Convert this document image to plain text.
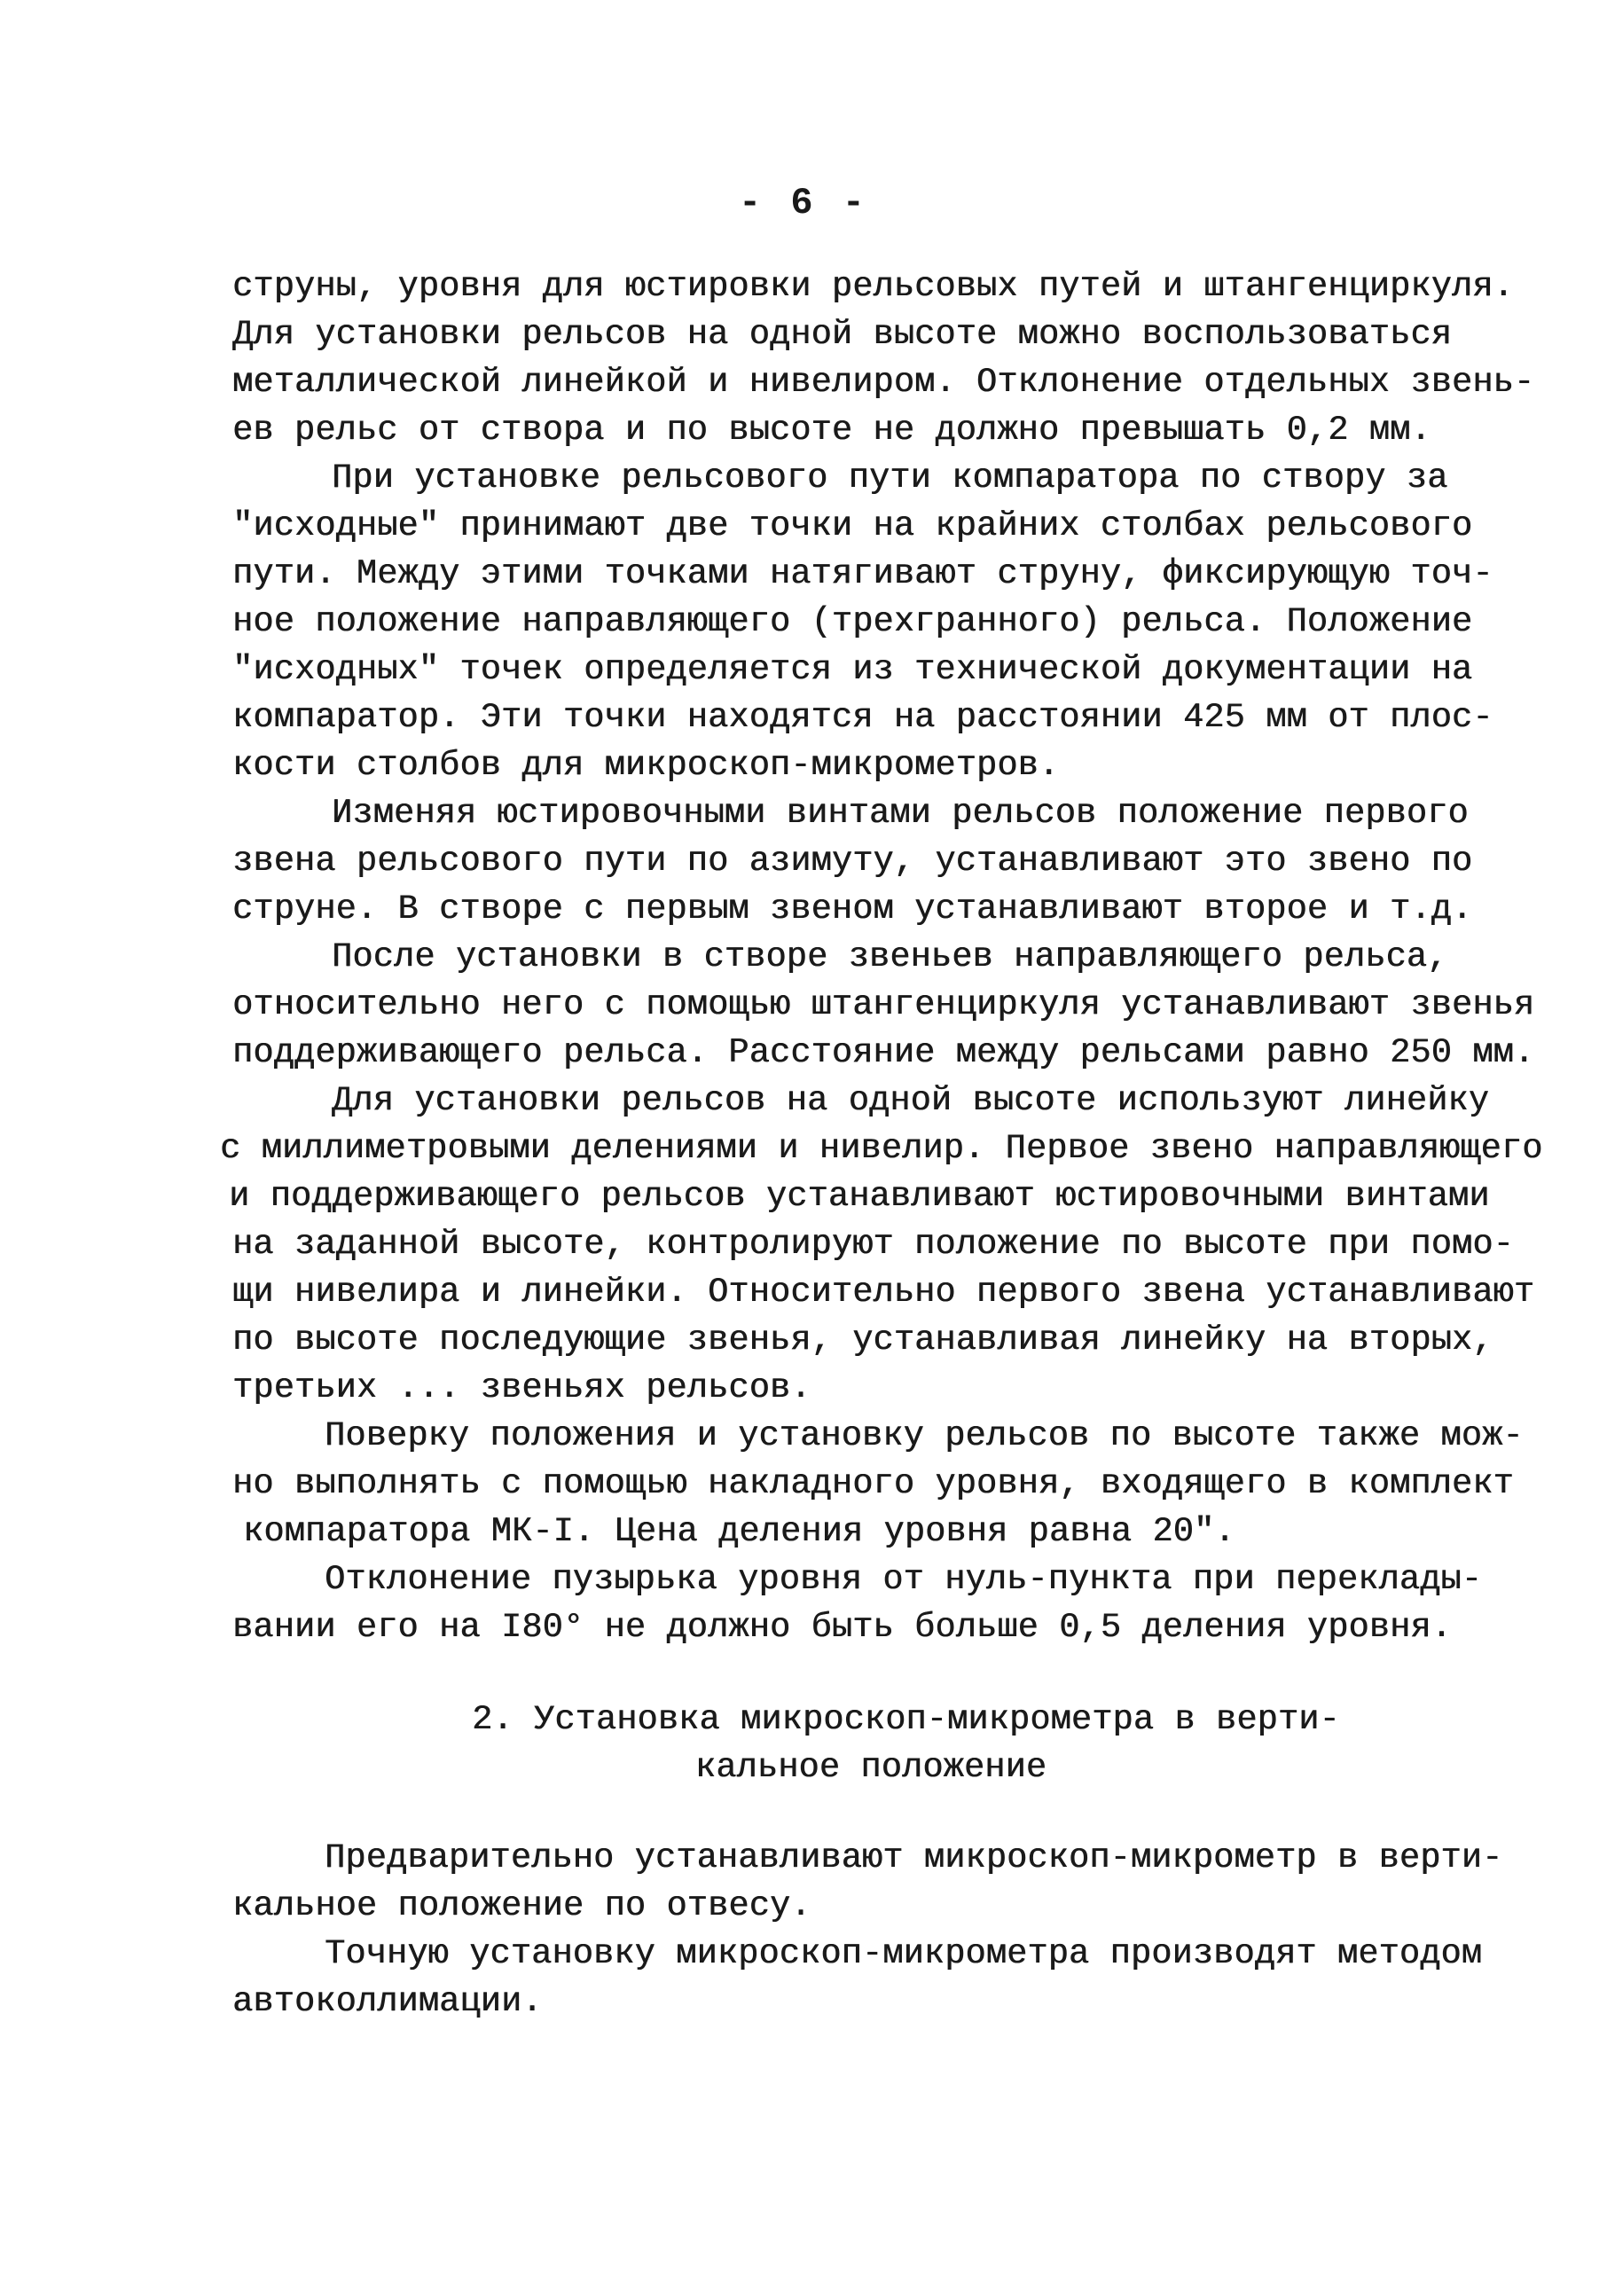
- 6 -

струны, уровня для юстировки рельсовых путей и штангенциркуля.
Для установки рельсов на одной высоте можно воспользоваться
металлической линейкой и нивелиром. Отклонение отдельных звень-
ев рельс от створа и по высоте не должно превышать 0,2 мм.

При установке рельсового пути компаратора по створу за
"исходные" принимают две точки на крайних столбах рельсового
пути. Между этими точками натягивают струну, фиксирующую точ-
ное положение направляющего (трехгранного) рельса. Положение
"исходных" точек определяется из технической документации на
компаратор. Эти точки находятся на расстоянии 425 мм от плос-
кости столбов для микроскоп-микрометров.

Изменяя юстировочными винтами рельсов положение первого
звена рельсового пути по азимуту, устанавливают это звено по
струне. В створе с первым звеном устанавливают второе и т.д.

После установки в створе звеньев направляющего рельса,
относительно него с помощью штангенциркуля устанавливают звенья
поддерживающего рельса. Расстояние между рельсами равно 250 мм.

Для установки рельсов на одной высоте используют линейку
с миллиметровыми делениями и нивелир. Первое звено направляющего
и поддерживающего рельсов устанавливают юстировочными винтами
на заданной высоте, контролируют положение по высоте при помо-
щи нивелира и линейки. Относительно первого звена устанавливают
по высоте последующие звенья, устанавливая линейку на вторых,
третьих ... звеньях рельсов.

Поверку положения и установку рельсов по высоте также мож-
но выполнять с помощью накладного уровня, входящего в комплект
компаратора МК-I. Цена деления уровня равна 20".

Отклонение пузырька уровня от нуль-пункта при переклады-
вании его на I80° не должно быть больше 0,5 деления уровня.

2. Установка микроскоп-микрометра в верти-
кальное положение

Предварительно устанавливают микроскоп-микрометр в верти-
кальное положение по отвесу.

Точную установку микроскоп-микрометра производят методом
автоколлимации.
